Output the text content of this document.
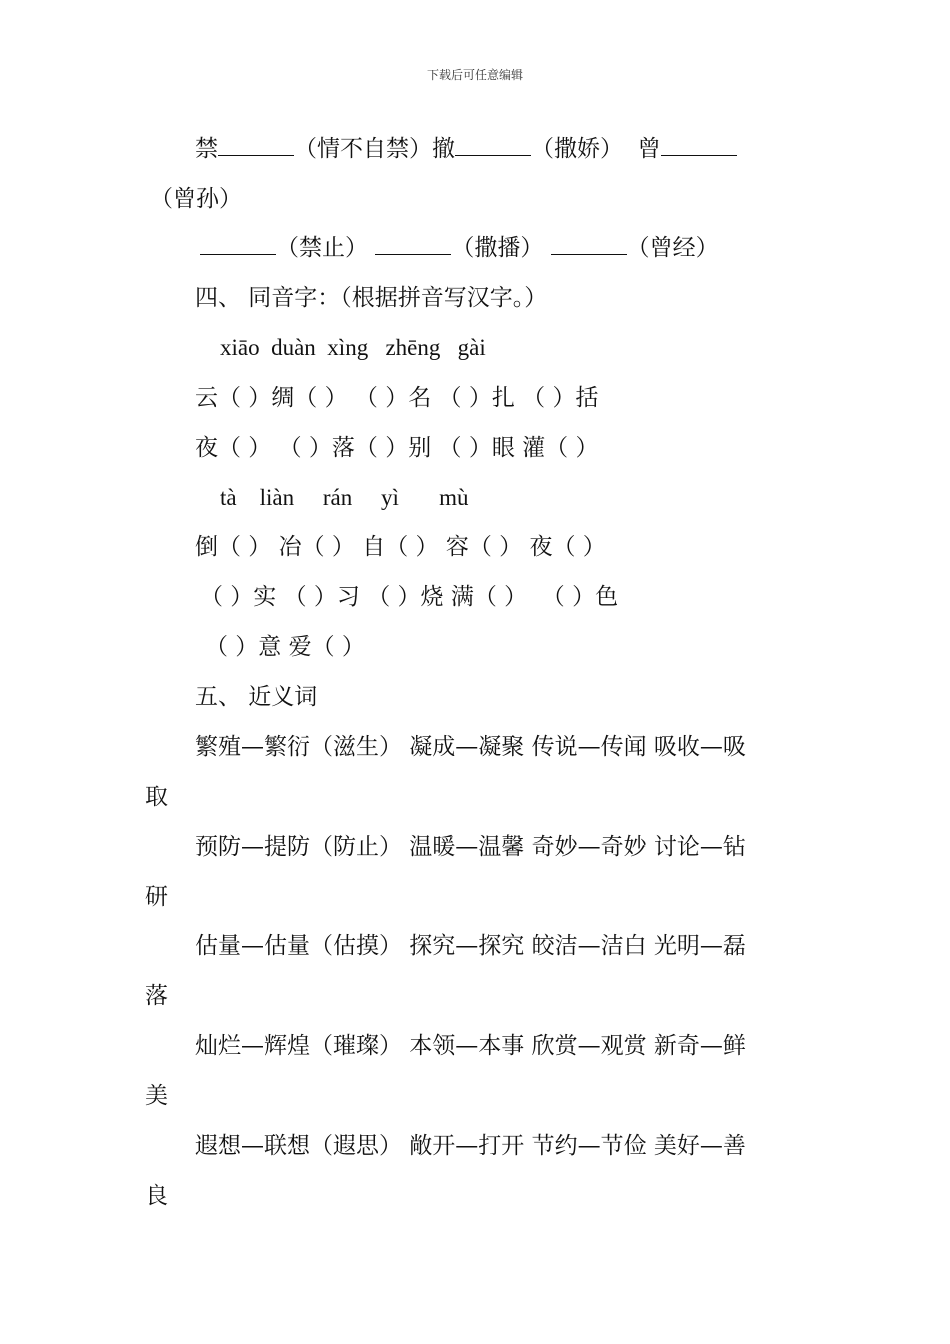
下载后可任意编辑
禁	（情不自禁）撤	（撒娇）  曾
（曾孙）
（禁止）	（撒播）	（曾经）
四、 同音字：（根据拼音写汉字。）
xiāo  duàn  xìng   zhēng   gài
云（ ）绸（ ） （ ）名 （ ）扎 （ ）括
夜（ ） （ ）落（ ）别 （ ）眼 灌（ ）
tà    liàn     rán     yì       mù
倒（ ） 冶（ ） 自（ ） 容（ ） 夜（ ）
（ ）实 （ ）习 （ ）烧 满（ ）  （ ）色
（ ）意 爱（ ）
五、 近义词
繁殖—繁衍（滋生） 凝成—凝聚 传说—传闻 吸收—吸
取
预防—提防（防止） 温暖—温馨 奇妙—奇妙 讨论—钻
研
估量—估量（估摸） 探究—探究 皎洁—洁白 光明—磊
落
灿烂—辉煌（璀璨） 本领—本事 欣赏—观赏 新奇—鲜
美
遐想—联想（遐思） 敞开—打开 节约—节俭 美好—善
良
